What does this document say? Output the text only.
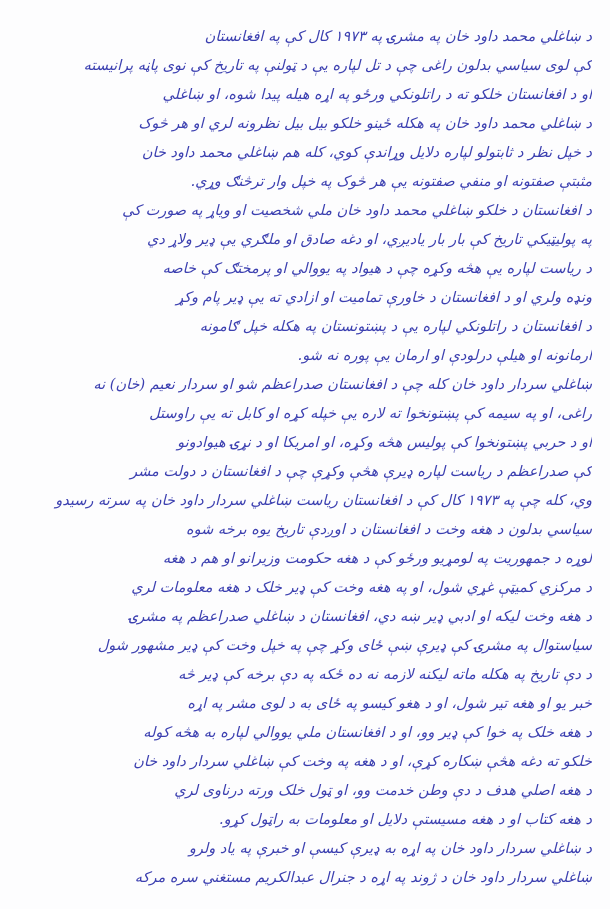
د ښاغلي محمد داود خان په مشرۍ په ۱۹۷۳ کال کې په افغانستان
کې لوی سیاسي بدلون راغی چې د تل لپاره یې د ټولنې په تاریخ کې نوی پاڼه پرانیسته
او د افغانستان خلکو ته د راتلونکي ورځو په اړه هیله پیدا شوه، او ښاغلي
د ښاغلي محمد داود خان په هکله ځینو خلکو بیل بیل نظرونه لري او هر څوک
د خپل نظر د ثابتولو لپاره دلایل وړاندې کوي، کله هم ښاغلي محمد داود خان
مثبتې صفتونه او منفي صفتونه یې هر څوک په خپل وار ترڅنګ وړي.
د افغانستان د خلکو ښاغلي محمد داود خان ملي شخصیت او ویاړ په صورت کې
په پولیټیکي تاریخ کې بار بار یادیږي، او دغه صادق او ملګري یې ډیر ولاړ دي
د ریاست لپاره یې هڅه وکړه چې د هیواد په یووالي او پرمختګ کې خاصه
ونډه ولري او د افغانستان د خاورې تمامیت او ازادي ته یې ډیر پام وکړ
د افغانستان د راتلونکي لپاره یې د پښتونستان په هکله خپل ګامونه
ارمانونه او هیلې درلودې او ارمان یې پوره نه شو.
ښاغلي سردار داود خان کله چې د افغانستان صدراعظم شو او سردار نعیم (خان) نه
راغی، او په سیمه کې پښتونخوا ته لاره یې خپله کړه او کابل ته یې راوستل
او د حربي پښتونخوا کې پولیس هڅه وکړه، او امریکا او د نړۍ هیوادونو
کې صدراعظم د ریاست لپاره ډیرې هڅې وکړې چې د افغانستان د دولت مشر
وي، کله چې په ۱۹۷۳ کال کې د افغانستان ریاست ښاغلي سردار داود خان په سرته رسیدو
سیاسي بدلون د هغه وخت د افغانستان د اوږدې تاریخ یوه برخه شوه
لوړه د جمهوریت په لومړیو ورځو کې د هغه حکومت وزیرانو او هم د هغه
د مرکزي کمیټې غړي شول، او په هغه وخت کې ډیر خلک د هغه معلومات لري
د هغه وخت لیکه او ادبي ډیر ښه دي، افغانستان د ښاغلي صدراعظم په مشرۍ
سیاستوال په مشرۍ کې ډیرې ښې ځای وکړ چې په خپل وخت کې ډیر مشهور شول
د دې تاریخ په هکله ماته لیکنه لازمه نه ده ځکه په دې برخه کې ډیر څه
خبر یو او هغه تیر شول، او د هغو کیسو په ځای به د لوی مشر په اړه
د هغه خلک په خوا کې ډیر وو، او د افغانستان ملي یووالي لپاره به هڅه کوله
خلکو ته دغه هڅې ښکاره کړې، او د هغه په وخت کې ښاغلي سردار داود خان
د هغه اصلي هدف د دې وطن خدمت وو، او ټول خلک ورته درناوی لري
د هغه کتاب او د هغه مسیستې دلایل او معلومات به راټول کړو.
د ښاغلي سردار داود خان په اړه به ډیرې کیسې او خبرې په یاد ولرو
ښاغلي سردار داود خان د ژوند په اړه د جنرال عبدالکریم مستغني سره مرکه
